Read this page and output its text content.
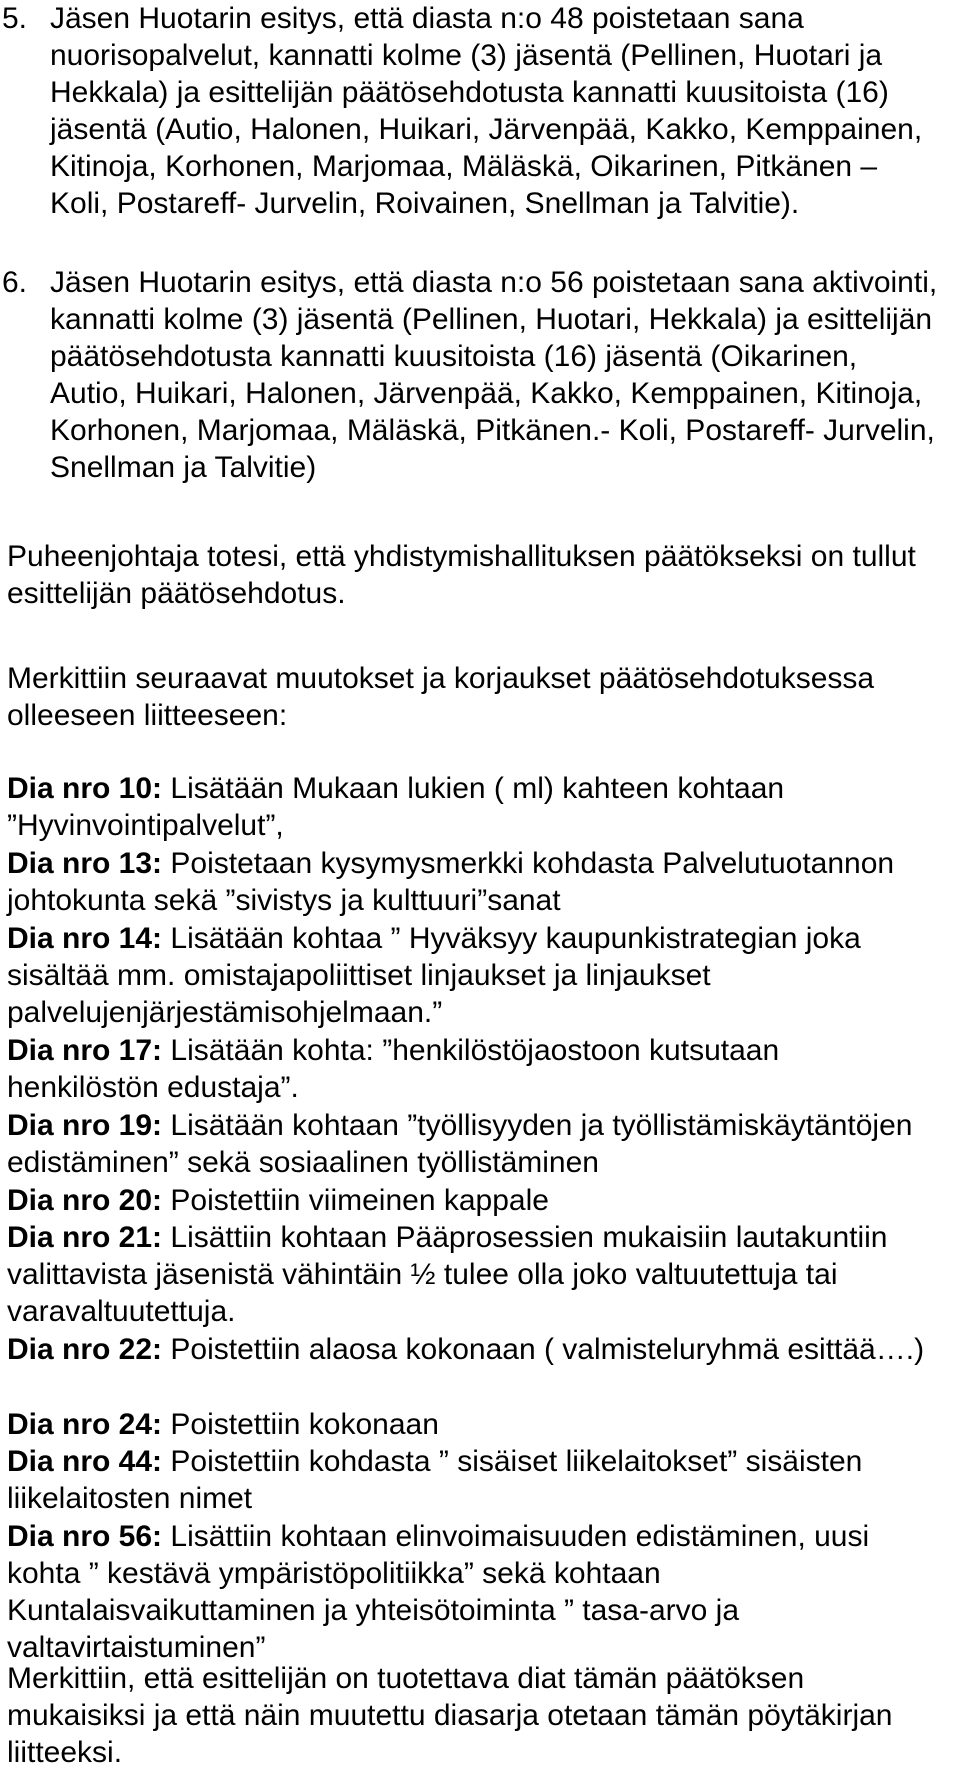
5. Jäsen Huotarin esitys, että diasta n:o 48 poistetaan sana nuorisopalvelut, kannatti kolme (3) jäsentä (Pellinen, Huotari ja Hekkala) ja esittelijän päätösehdotusta kannatti kuusitoista (16) jäsentä (Autio, Halonen, Huikari, Järvenpää, Kakko, Kemppainen, Kitinoja, Korhonen, Marjomaa, Mäläskä, Oikarinen, Pitkänen – Koli, Postareff- Jurvelin, Roivainen, Snellman ja Talvitie).

6. Jäsen Huotarin esitys, että diasta n:o 56 poistetaan sana aktivointi, kannatti kolme (3) jäsentä (Pellinen, Huotari, Hekkala) ja esittelijän päätösehdotusta kannatti kuusitoista (16) jäsentä (Oikarinen, Autio, Huikari, Halonen, Järvenpää, Kakko, Kemppainen, Kitinoja, Korhonen, Marjomaa, Mäläskä, Pitkänen.- Koli, Postareff- Jurvelin, Snellman ja Talvitie)

Puheenjohtaja totesi, että yhdistymishallituksen päätökseksi on tullut esittelijän päätösehdotus.

Merkittiin seuraavat muutokset ja korjaukset päätösehdotuksessa olleeseen liitteeseen:

Dia nro 10: Lisätään Mukaan lukien ( ml) kahteen kohtaan ”Hyvinvointipalvelut”,

Dia nro 13: Poistetaan kysymysmerkki kohdasta Palvelutuotannon johtokunta sekä ”sivistys ja kulttuuri”sanat

Dia nro 14: Lisätään kohtaa ” Hyväksyy kaupunkistrategian joka sisältää mm. omistajapoliittiset linjaukset ja linjaukset palvelujenjärjestämisohjelmaan.”

Dia nro 17: Lisätään kohta: ”henkilöstöjaostoon kutsutaan henkilöstön edustaja”.

Dia nro 19: Lisätään kohtaan ”työllisyyden ja työllistämiskäytäntöjen edistäminen” sekä sosiaalinen työllistäminen

Dia nro 20: Poistettiin viimeinen kappale

Dia nro 21: Lisättiin kohtaan Pääprosessien mukaisiin lautakuntiin valittavista jäsenistä vähintäin ½ tulee olla joko valtuutettuja tai varavaltuutettuja.

Dia nro 22: Poistettiin alaosa kokonaan ( valmisteluryhmä esittää….)

Dia nro 24: Poistettiin kokonaan

Dia nro 44: Poistettiin kohdasta ” sisäiset liikelaitokset” sisäisten liikelaitosten nimet

Dia nro 56: Lisättiin kohtaan elinvoimaisuuden edistäminen, uusi kohta ” kestävä ympäristöpolitiikka” sekä kohtaan Kuntalaisvaikuttaminen ja yhteisötoiminta ” tasa-arvo ja valtavirtaistuminen”

Merkittiin, että esittelijän on tuotettava diat tämän päätöksen mukaisiksi ja että näin muutettu diasarja otetaan tämän pöytäkirjan liitteeksi.
